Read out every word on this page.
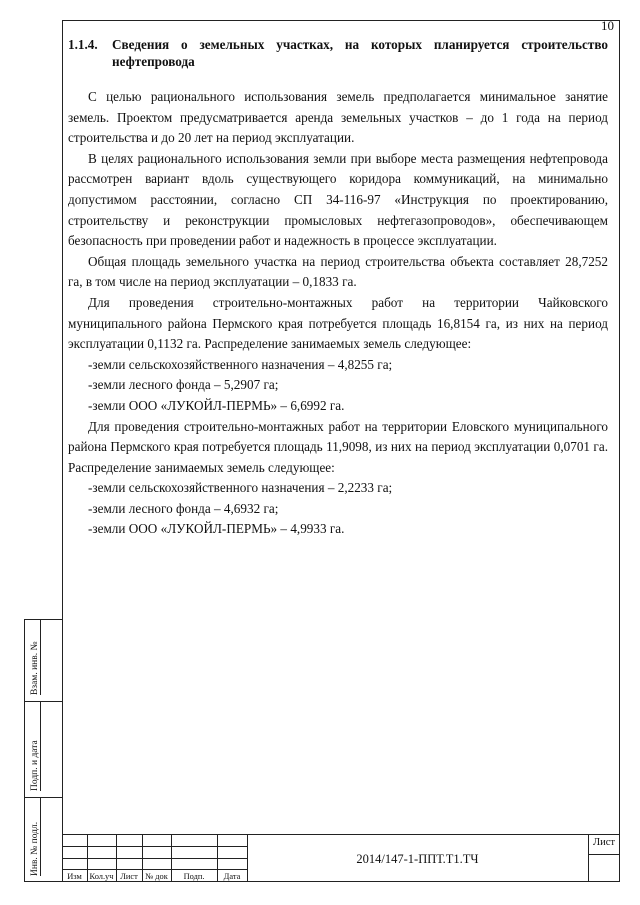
10
1.1.4.	Сведения о земельных участках, на которых планируется строительство нефтепровода

С целью рационального использования земель предполагается минимальное занятие земель. Проектом предусматривается аренда земельных участков – до 1 года на период строительства и до 20 лет на период эксплуатации.

В целях рационального использования земли при выборе места размещения нефтепровода рассмотрен вариант вдоль существующего коридора коммуникаций, на минимально допустимом расстоянии, согласно СП 34-116-97 «Инструкция по проектированию, строительству и реконструкции промысловых нефтегазопроводов», обеспечивающем безопасность при проведении работ и надежность в процессе эксплуатации.

Общая площадь земельного участка на период строительства объекта составляет 28,7252 га, в том числе на период эксплуатации – 0,1833 га.

Для проведения строительно-монтажных работ на территории Чайковского муниципального района Пермского края потребуется площадь 16,8154 га, из них на период эксплуатации 0,1132 га. Распределение занимаемых земель следующее:

-земли сельскохозяйственного назначения – 4,8255 га;

-земли лесного фонда – 5,2907 га;

-земли ООО «ЛУКОЙЛ-ПЕРМЬ» – 6,6992 га.

Для проведения строительно-монтажных работ на территории Еловского муниципального района Пермского края потребуется площадь 11,9098, из них на период эксплуатации 0,0701 га. Распределение занимаемых земель следующее:

-земли сельскохозяйственного назначения – 2,2233 га;

-земли лесного фонда – 4,6932 га;

-земли ООО «ЛУКОЙЛ-ПЕРМЬ» – 4,9933 га.

Взам. инв. №
Подп. и дата
Инв. № подл.
Изм Кол.уч Лист № док	Подп.	Дата
2014/147-1-ППТ.Т1.ТЧ
Лист
